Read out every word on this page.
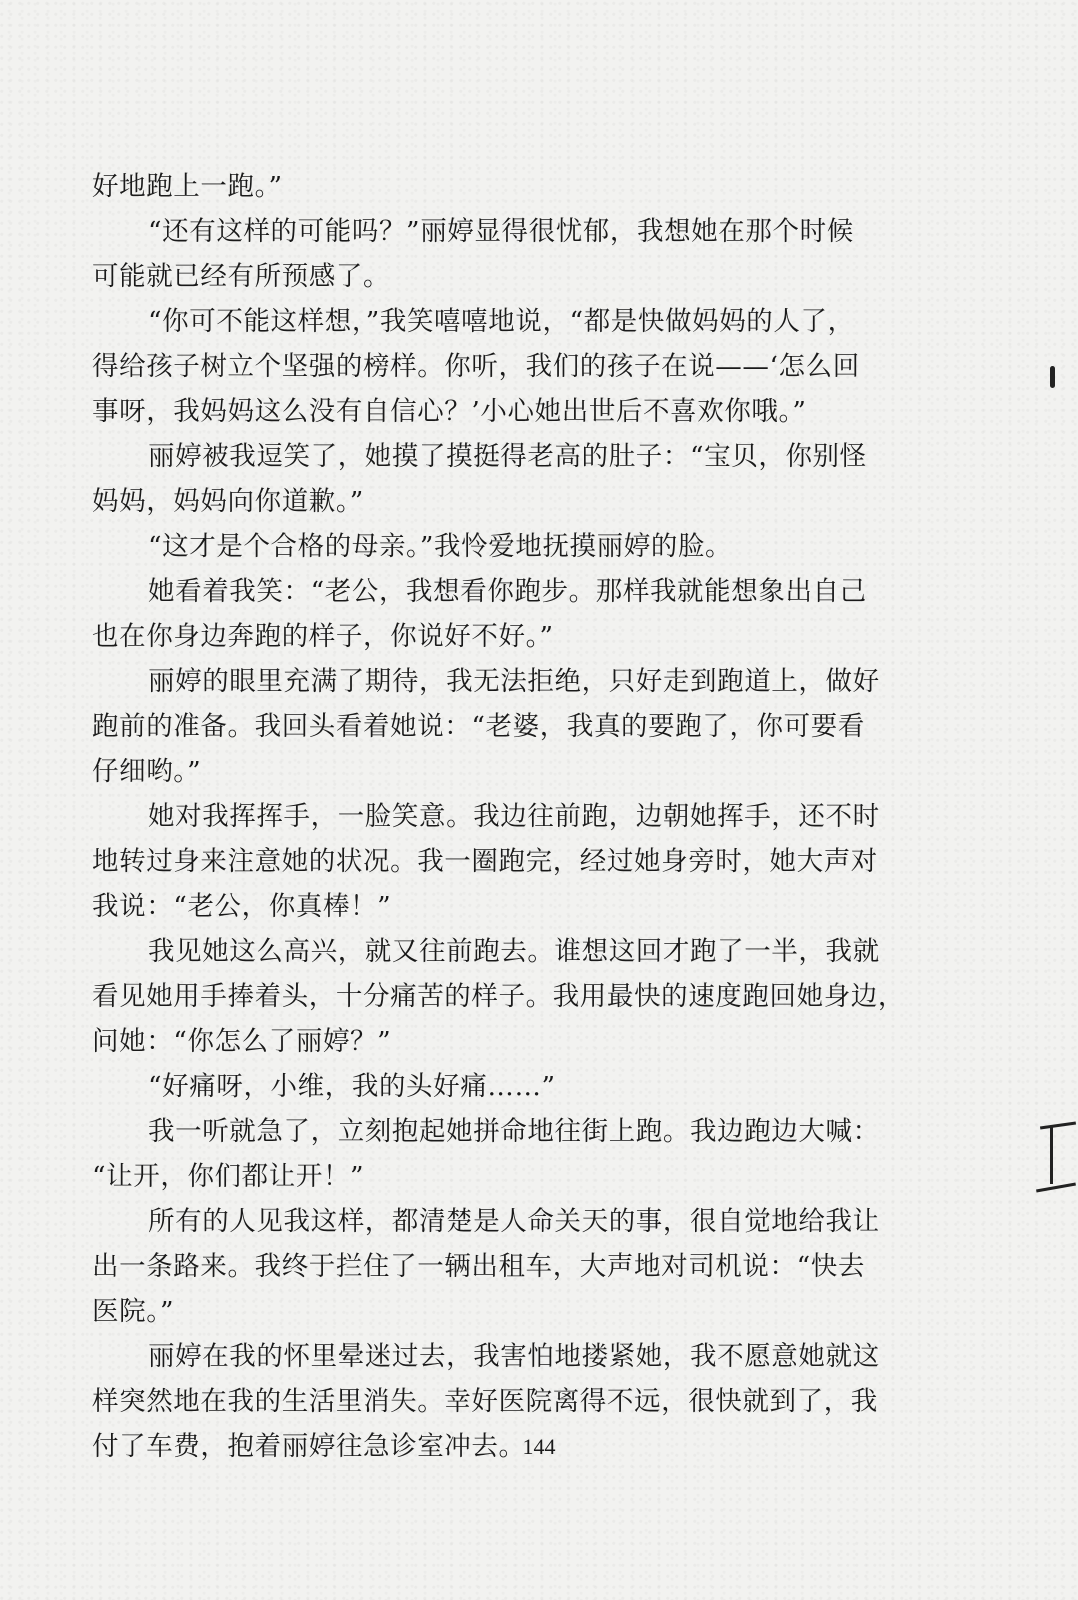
好地跑上一跑。”
“还有这样的可能吗？”丽婷显得很忧郁，我想她在那个时候
可能就已经有所预感了。
“你可不能这样想，”我笑嘻嘻地说，“都是快做妈妈的人了，
得给孩子树立个坚强的榜样。你听，我们的孩子在说——‘怎么回
事呀，我妈妈这么没有自信心？’小心她出世后不喜欢你哦。”
丽婷被我逗笑了，她摸了摸挺得老高的肚子：“宝贝，你别怪
妈妈，妈妈向你道歉。”
“这才是个合格的母亲。”我怜爱地抚摸丽婷的脸。
她看着我笑：“老公，我想看你跑步。那样我就能想象出自己
也在你身边奔跑的样子，你说好不好。”
丽婷的眼里充满了期待，我无法拒绝，只好走到跑道上，做好
跑前的准备。我回头看着她说：“老婆，我真的要跑了，你可要看
仔细哟。”
她对我挥挥手，一脸笑意。我边往前跑，边朝她挥手，还不时
地转过身来注意她的状况。我一圈跑完，经过她身旁时，她大声对
我说：“老公，你真棒！”
我见她这么高兴，就又往前跑去。谁想这回才跑了一半，我就
看见她用手捧着头，十分痛苦的样子。我用最快的速度跑回她身边，
问她：“你怎么了丽婷？”
“好痛呀，小维，我的头好痛……”
我一听就急了，立刻抱起她拼命地往街上跑。我边跑边大喊：
“让开，你们都让开！”
所有的人见我这样，都清楚是人命关天的事，很自觉地给我让
出一条路来。我终于拦住了一辆出租车，大声地对司机说：“快去
医院。”
丽婷在我的怀里晕迷过去，我害怕地搂紧她，我不愿意她就这
样突然地在我的生活里消失。幸好医院离得不远，很快就到了，我
付了车费，抱着丽婷往急诊室冲去。
144
